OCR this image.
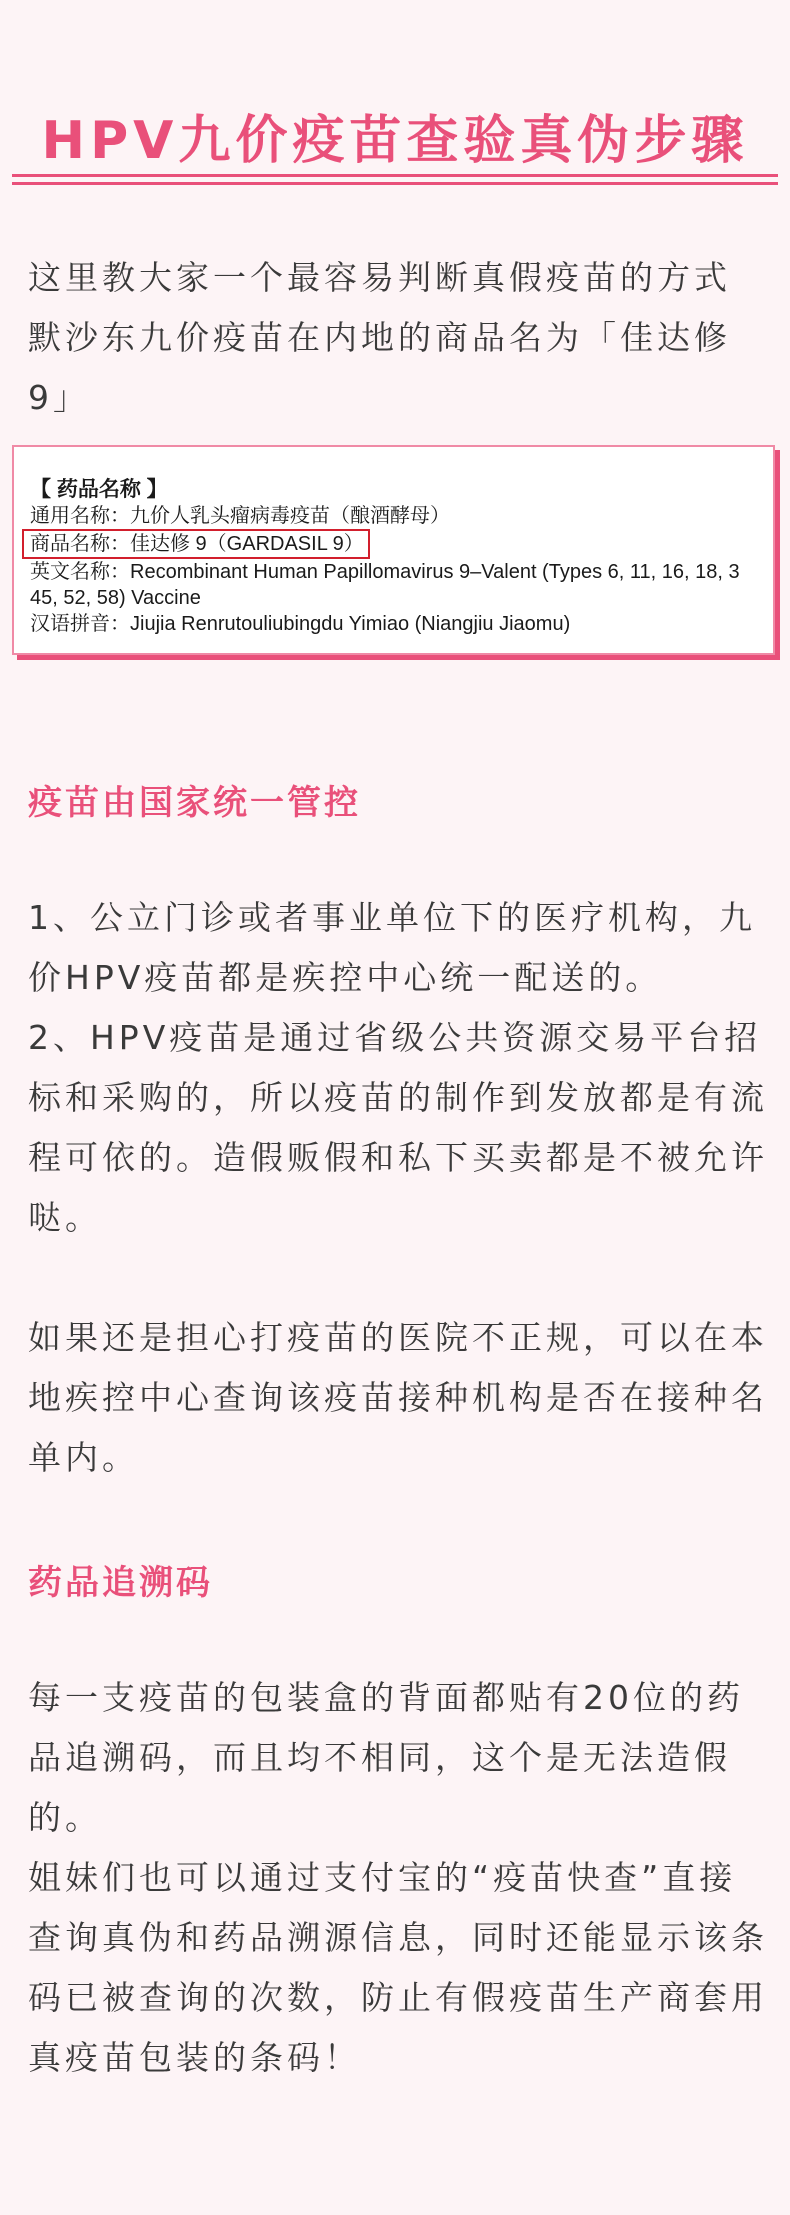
HPV九价疫苗查验真伪步骤

这里教大家一个最容易判断真假疫苗的方式

默沙东九价疫苗在内地的商品名为「佳达修9」

【 药品名称 】
通用名称：九价人乳头瘤病毒疫苗（酿酒酵母）
商品名称：佳达修 9（GARDASIL 9）
英文名称：Recombinant Human Papillomavirus 9–Valent (Types 6, 11, 16, 18, 3
45, 52, 58) Vaccine
汉语拼音：Jiujia Renrutouliubingdu Yimiao (Niangjiu Jiaomu)
疫苗由国家统一管控

1、公立门诊或者事业单位下的医疗机构，九价HPV疫苗都是疾控中心统一配送的。

2、HPV疫苗是通过省级公共资源交易平台招标和采购的，所以疫苗的制作到发放都是有流程可依的。造假贩假和私下买卖都是不被允许哒。

如果还是担心打疫苗的医院不正规，可以在本地疾控中心查询该疫苗接种机构是否在接种名单内。

药品追溯码

每一支疫苗的包装盒的背面都贴有20位的药品追溯码，而且均不相同，这个是无法造假的。

姐妹们也可以通过支付宝的“疫苗快查”直接查询真伪和药品溯源信息，同时还能显示该条码已被查询的次数，防止有假疫苗生产商套用真疫苗包装的条码！
